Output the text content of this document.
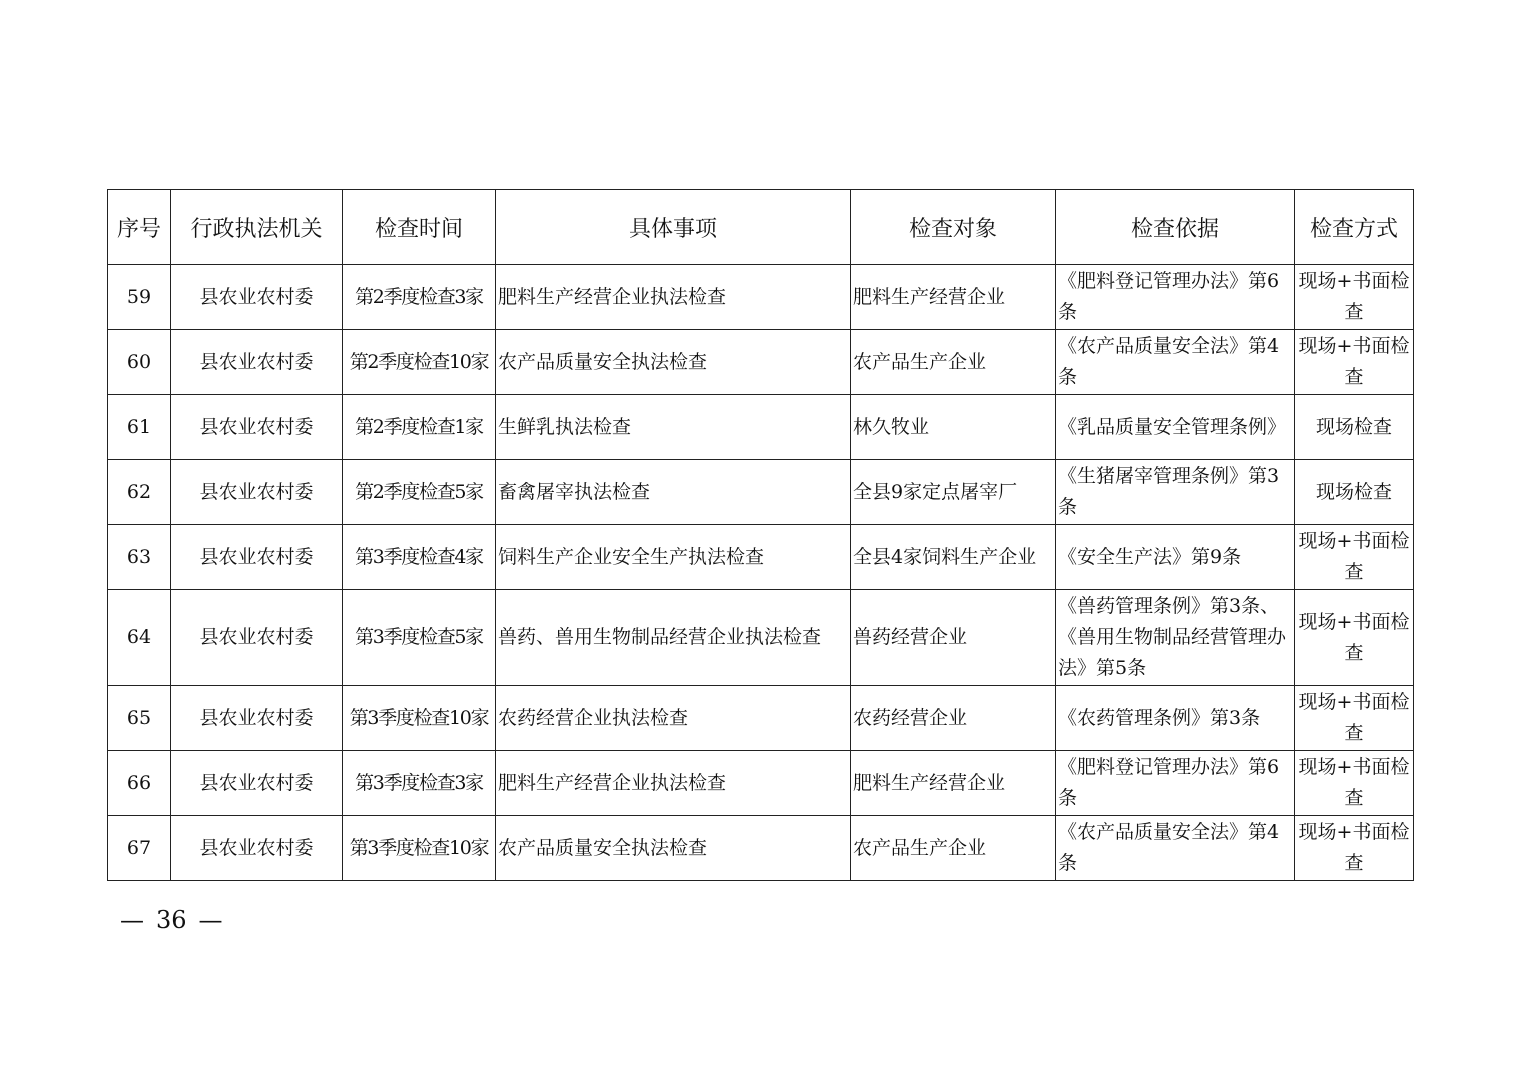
序号	行政执法机关	检查时间	具体事项	检查对象	检查依据	检查方式
59	县农业农村委	第2季度检查3家	肥料生产经营企业执法检查	肥料生产经营企业	《肥料登记管理办法》第6条	现场+书面检查
60	县农业农村委	第2季度检查10家	农产品质量安全执法检查	农产品生产企业	《农产品质量安全法》第4条	现场+书面检查
61	县农业农村委	第2季度检查1家	生鲜乳执法检查	林久牧业	《乳品质量安全管理条例》	现场检查
62	县农业农村委	第2季度检查5家	畜禽屠宰执法检查	全县9家定点屠宰厂	《生猪屠宰管理条例》第3条	现场检查
63	县农业农村委	第3季度检查4家	饲料生产企业安全生产执法检查	全县4家饲料生产企业	《安全生产法》第9条	现场+书面检查
64	县农业农村委	第3季度检查5家	兽药、兽用生物制品经营企业执法检查	兽药经营企业	《兽药管理条例》第3条、《兽用生物制品经营管理办法》第5条	现场+书面检查
65	县农业农村委	第3季度检查10家	农药经营企业执法检查	农药经营企业	《农药管理条例》第3条	现场+书面检查
66	县农业农村委	第3季度检查3家	肥料生产经营企业执法检查	肥料生产经营企业	《肥料登记管理办法》第6条	现场+书面检查
67	县农业农村委	第3季度检查10家	农产品质量安全执法检查	农产品生产企业	《农产品质量安全法》第4条	现场+书面检查
— 36 —
